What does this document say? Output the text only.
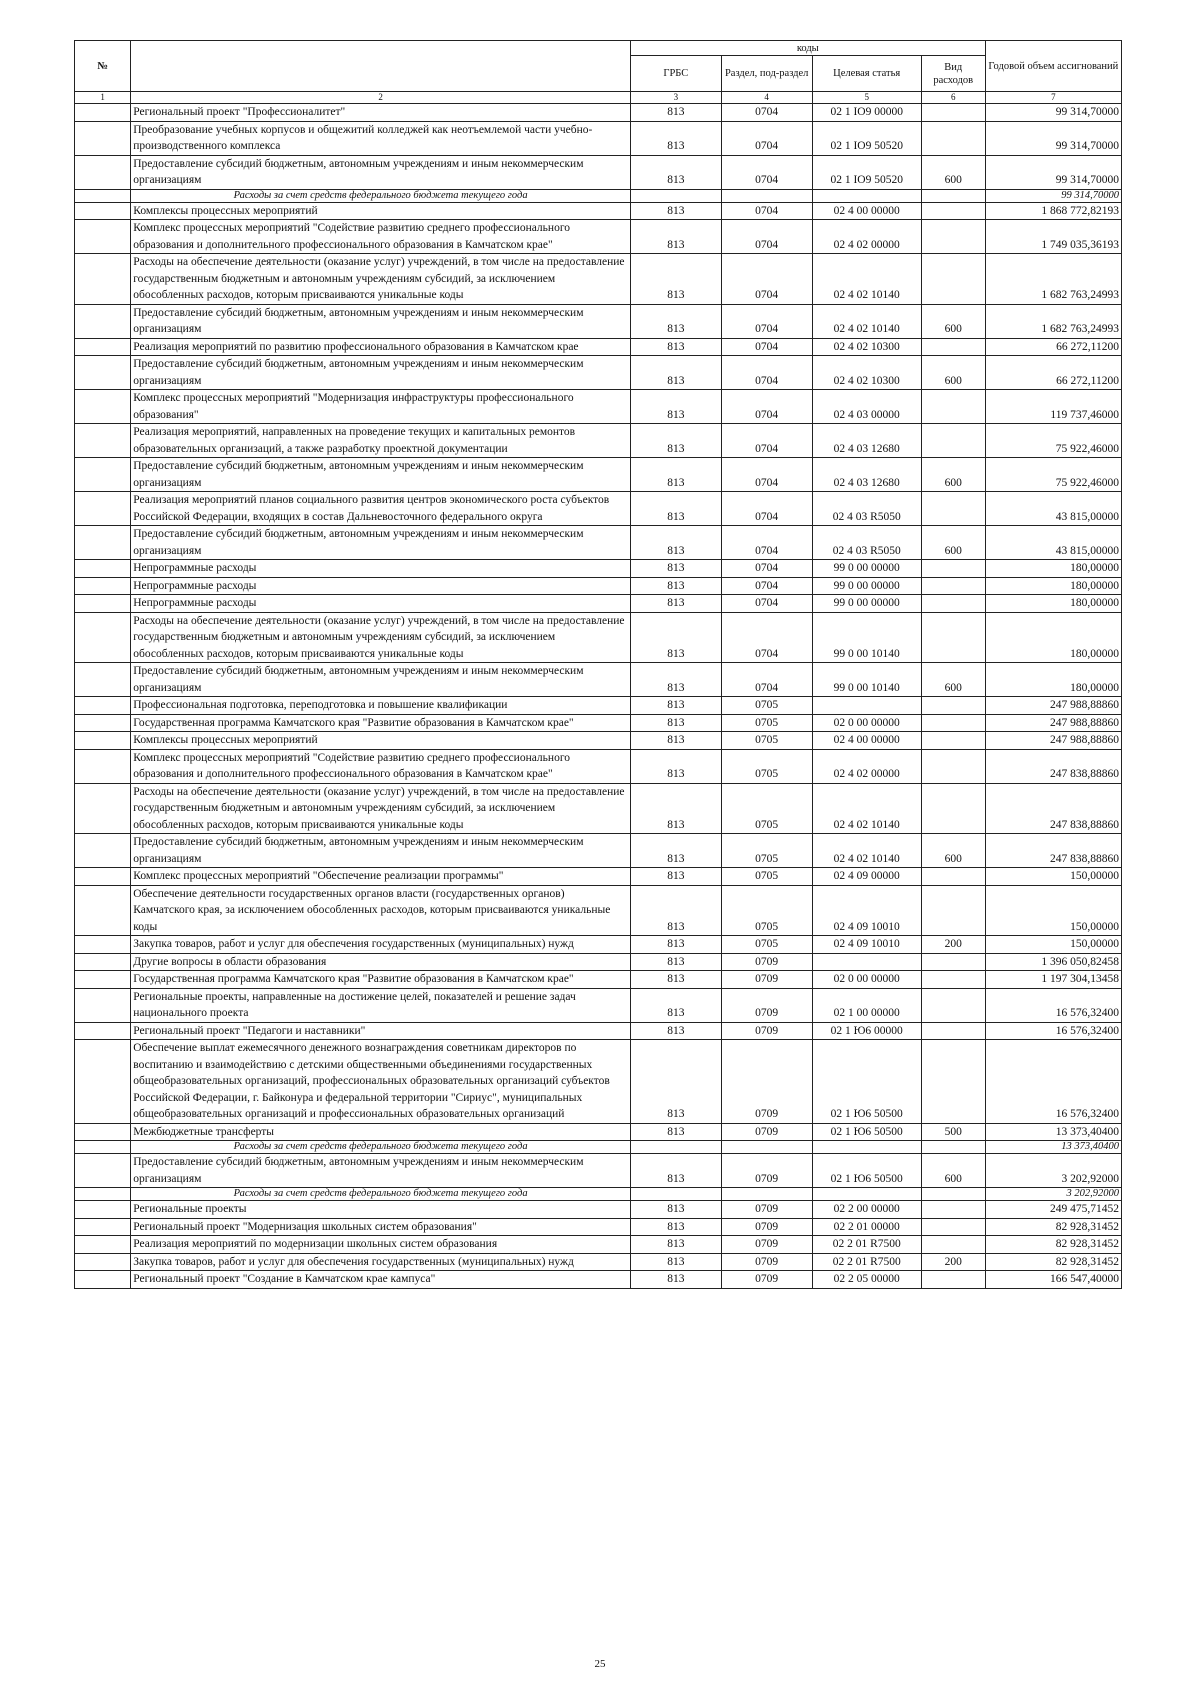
№		коды				Годовой объем ассигнований
		ГРБС	Раздел, под-раздел	Целевая статья	Вид расходов	
1	2	3	4	5	6	7
	Региональный проект "Профессионалитет"	813	0704	02 1 IO9 00000		99 314,70000
	Преобразование учебных корпусов и общежитий колледжей как неотъемлемой части учебно-производственного комплекса	813	0704	02 1 IO9 50520		99 314,70000
	Предоставление субсидий бюджетным, автономным учреждениям и иным некоммерческим организациям	813	0704	02 1 IO9 50520	600	99 314,70000
	Расходы за счет средств федерального бюджета текущего года					99 314,70000
	Комплексы процессных мероприятий	813	0704	02 4 00 00000		1 868 772,82193
	Комплекс процессных мероприятий "Содействие развитию среднего профессионального образования и дополнительного профессионального образования в Камчатском крае"	813	0704	02 4 02 00000		1 749 035,36193
	Расходы на обеспечение деятельности (оказание услуг) учреждений, в том числе на предоставление государственным бюджетным и автономным учреждениям субсидий, за исключением обособленных расходов, которым присваиваются уникальные коды	813	0704	02 4 02 10140		1 682 763,24993
	Предоставление субсидий бюджетным, автономным учреждениям и иным некоммерческим организациям	813	0704	02 4 02 10140	600	1 682 763,24993
	Реализация мероприятий по развитию профессионального образования в Камчатском крае	813	0704	02 4 02 10300		66 272,11200
	Предоставление субсидий бюджетным, автономным учреждениям и иным некоммерческим организациям	813	0704	02 4 02 10300	600	66 272,11200
	Комплекс процессных мероприятий "Модернизация инфраструктуры профессионального образования"	813	0704	02 4 03 00000		119 737,46000
	Реализация мероприятий, направленных на проведение текущих и капитальных ремонтов образовательных организаций, а также разработку проектной документации	813	0704	02 4 03 12680		75 922,46000
	Предоставление субсидий бюджетным, автономным учреждениям и иным некоммерческим организациям	813	0704	02 4 03 12680	600	75 922,46000
	Реализация мероприятий планов социального развития центров экономического роста субъектов Российской Федерации, входящих в состав Дальневосточного федерального округа	813	0704	02 4 03 R5050		43 815,00000
	Предоставление субсидий бюджетным, автономным учреждениям и иным некоммерческим организациям	813	0704	02 4 03 R5050	600	43 815,00000
	Непрограммные расходы	813	0704	99 0 00 00000		180,00000
	Непрограммные расходы	813	0704	99 0 00 00000		180,00000
	Непрограммные расходы	813	0704	99 0 00 00000		180,00000
	Расходы на обеспечение деятельности (оказание услуг) учреждений, в том числе на предоставление государственным бюджетным и автономным учреждениям субсидий, за исключением обособленных расходов, которым присваиваются уникальные коды	813	0704	99 0 00 10140		180,00000
	Предоставление субсидий бюджетным, автономным учреждениям и иным некоммерческим организациям	813	0704	99 0 00 10140	600	180,00000
	Профессиональная подготовка, переподготовка и повышение квалификации	813	0705			247 988,88860
	Государственная программа Камчатского края "Развитие образования в Камчатском крае"	813	0705	02 0 00 00000		247 988,88860
	Комплексы процессных мероприятий	813	0705	02 4 00 00000		247 988,88860
	Комплекс процессных мероприятий "Содействие развитию среднего профессионального образования и дополнительного профессионального образования в Камчатском крае"	813	0705	02 4 02 00000		247 838,88860
	Расходы на обеспечение деятельности (оказание услуг) учреждений, в том числе на предоставление государственным бюджетным и автономным учреждениям субсидий, за исключением обособленных расходов, которым присваиваются уникальные коды	813	0705	02 4 02 10140		247 838,88860
	Предоставление субсидий бюджетным, автономным учреждениям и иным некоммерческим организациям	813	0705	02 4 02 10140	600	247 838,88860
	Комплекс процессных мероприятий "Обеспечение реализации программы"	813	0705	02 4 09 00000		150,00000
	Обеспечение деятельности государственных органов власти (государственных органов) Камчатского края, за исключением обособленных расходов, которым присваиваются уникальные коды	813	0705	02 4 09 10010		150,00000
	Закупка товаров, работ и услуг для обеспечения государственных (муниципальных) нужд	813	0705	02 4 09 10010	200	150,00000
	Другие вопросы в области образования	813	0709			1 396 050,82458
	Государственная программа Камчатского края "Развитие образования в Камчатском крае"	813	0709	02 0 00 00000		1 197 304,13458
	Региональные проекты, направленные на достижение целей, показателей и решение задач национального проекта	813	0709	02 1 00 00000		16 576,32400
	Региональный проект "Педагоги и наставники"	813	0709	02 1 Ю6 00000		16 576,32400
	Обеспечение выплат ежемесячного денежного вознаграждения советникам директоров по воспитанию и взаимодействию с детскими общественными объединениями государственных общеобразовательных организаций, профессиональных образовательных организаций субъектов Российской Федерации, г. Байконура и федеральной территории "Сириус", муниципальных общеобразовательных организаций и профессиональных образовательных организаций	813	0709	02 1 Ю6 50500		16 576,32400
	Межбюджетные трансферты	813	0709	02 1 Ю6 50500	500	13 373,40400
	Расходы за счет средств федерального бюджета текущего года					13 373,40400
	Предоставление субсидий бюджетным, автономным учреждениям и иным некоммерческим организациям	813	0709	02 1 Ю6 50500	600	3 202,92000
	Расходы за счет средств федерального бюджета текущего года					3 202,92000
	Региональные проекты	813	0709	02 2 00 00000		249 475,71452
	Региональный проект "Модернизация школьных систем образования"	813	0709	02 2 01 00000		82 928,31452
	Реализация мероприятий по модернизации школьных систем образования	813	0709	02 2 01 R7500		82 928,31452
	Закупка товаров, работ и услуг для обеспечения государственных (муниципальных) нужд	813	0709	02 2 01 R7500	200	82 928,31452
	Региональный проект "Создание в Камчатском крае кампуса"	813	0709	02 2 05 00000		166 547,40000
25
